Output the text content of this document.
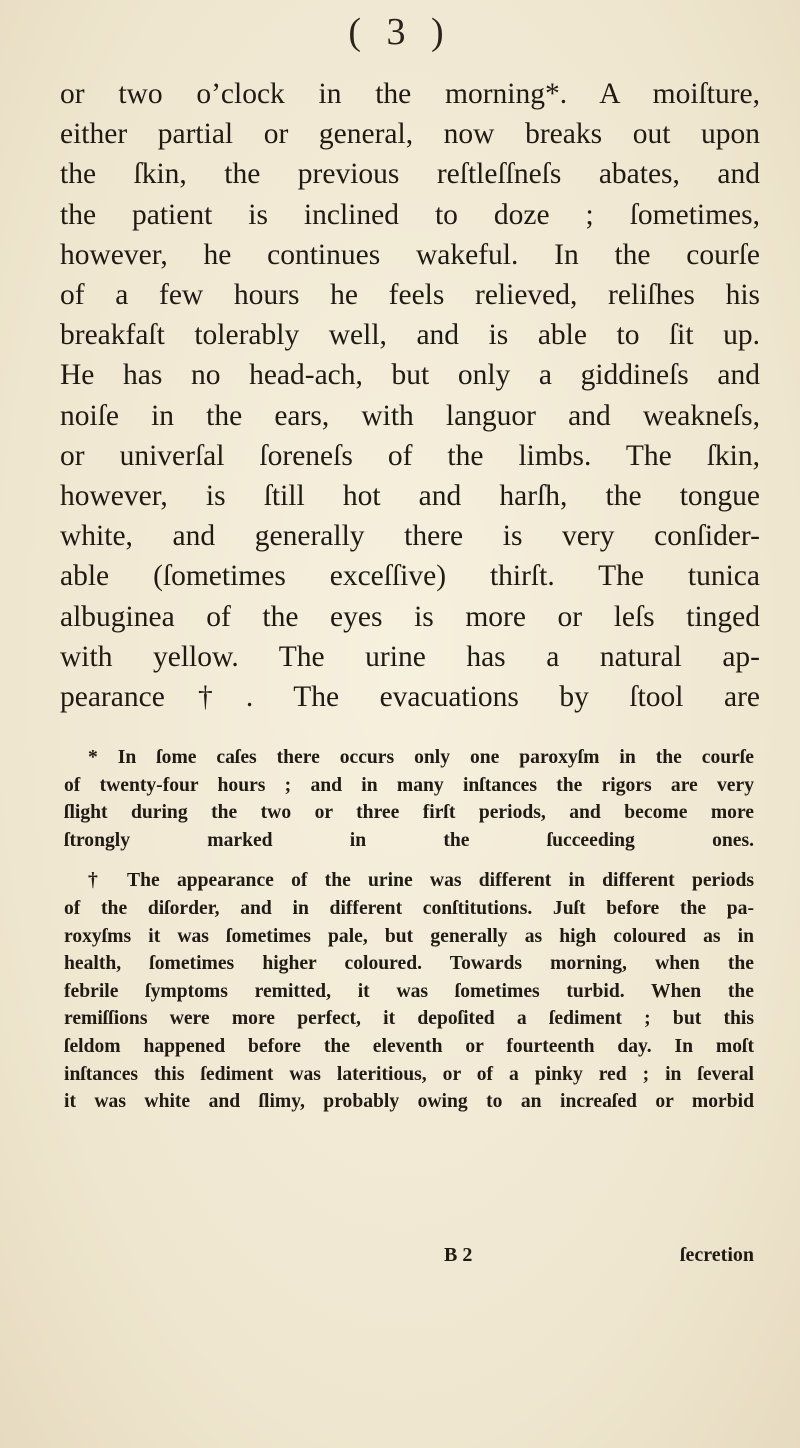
( 3 )
or two o’clock in the morning*. A moiſture,
either partial or general, now breaks out upon
the ſkin, the previous reſtleſſneſs abates, and
the patient is inclined to doze ; ſometimes,
however, he continues wakeful. In the courſe
of a few hours he feels relieved, reliſhes his
breakfaſt tolerably well, and is able to ſit up.
He has no head-ach, but only a giddineſs and
noiſe in the ears, with languor and weakneſs,
or univerſal ſoreneſs of the limbs. The ſkin,
however, is ſtill hot and harſh, the tongue
white, and generally there is very conſider-
able (ſometimes exceſſive) thirſt. The tunica
albuginea of the eyes is more or leſs tinged
with yellow. The urine has a natural ap-
pearance†. The evacuations by ſtool are
* In ſome caſes there occurs only one paroxyſm in the courſe
of twenty-four hours ; and in many inſtances the rigors are very
ſlight during the two or three firſt periods, and become more
ſtrongly marked in the ſucceeding ones.
† The appearance of the urine was different in different periods
of the diſorder, and in different conſtitutions. Juſt before the pa-
roxyſms it was ſometimes pale, but generally as high coloured as in
health, ſometimes higher coloured. Towards morning, when the
febrile ſymptoms remitted, it was ſometimes turbid. When the
remiſſions were more perfect, it depoſited a ſediment ; but this
ſeldom happened before the eleventh or fourteenth day. In moſt
inſtances this ſediment was lateritious, or of a pinky red ; in ſeveral
it was white and ſlimy, probably owing to an increaſed or morbid
B 2	ſecretion
